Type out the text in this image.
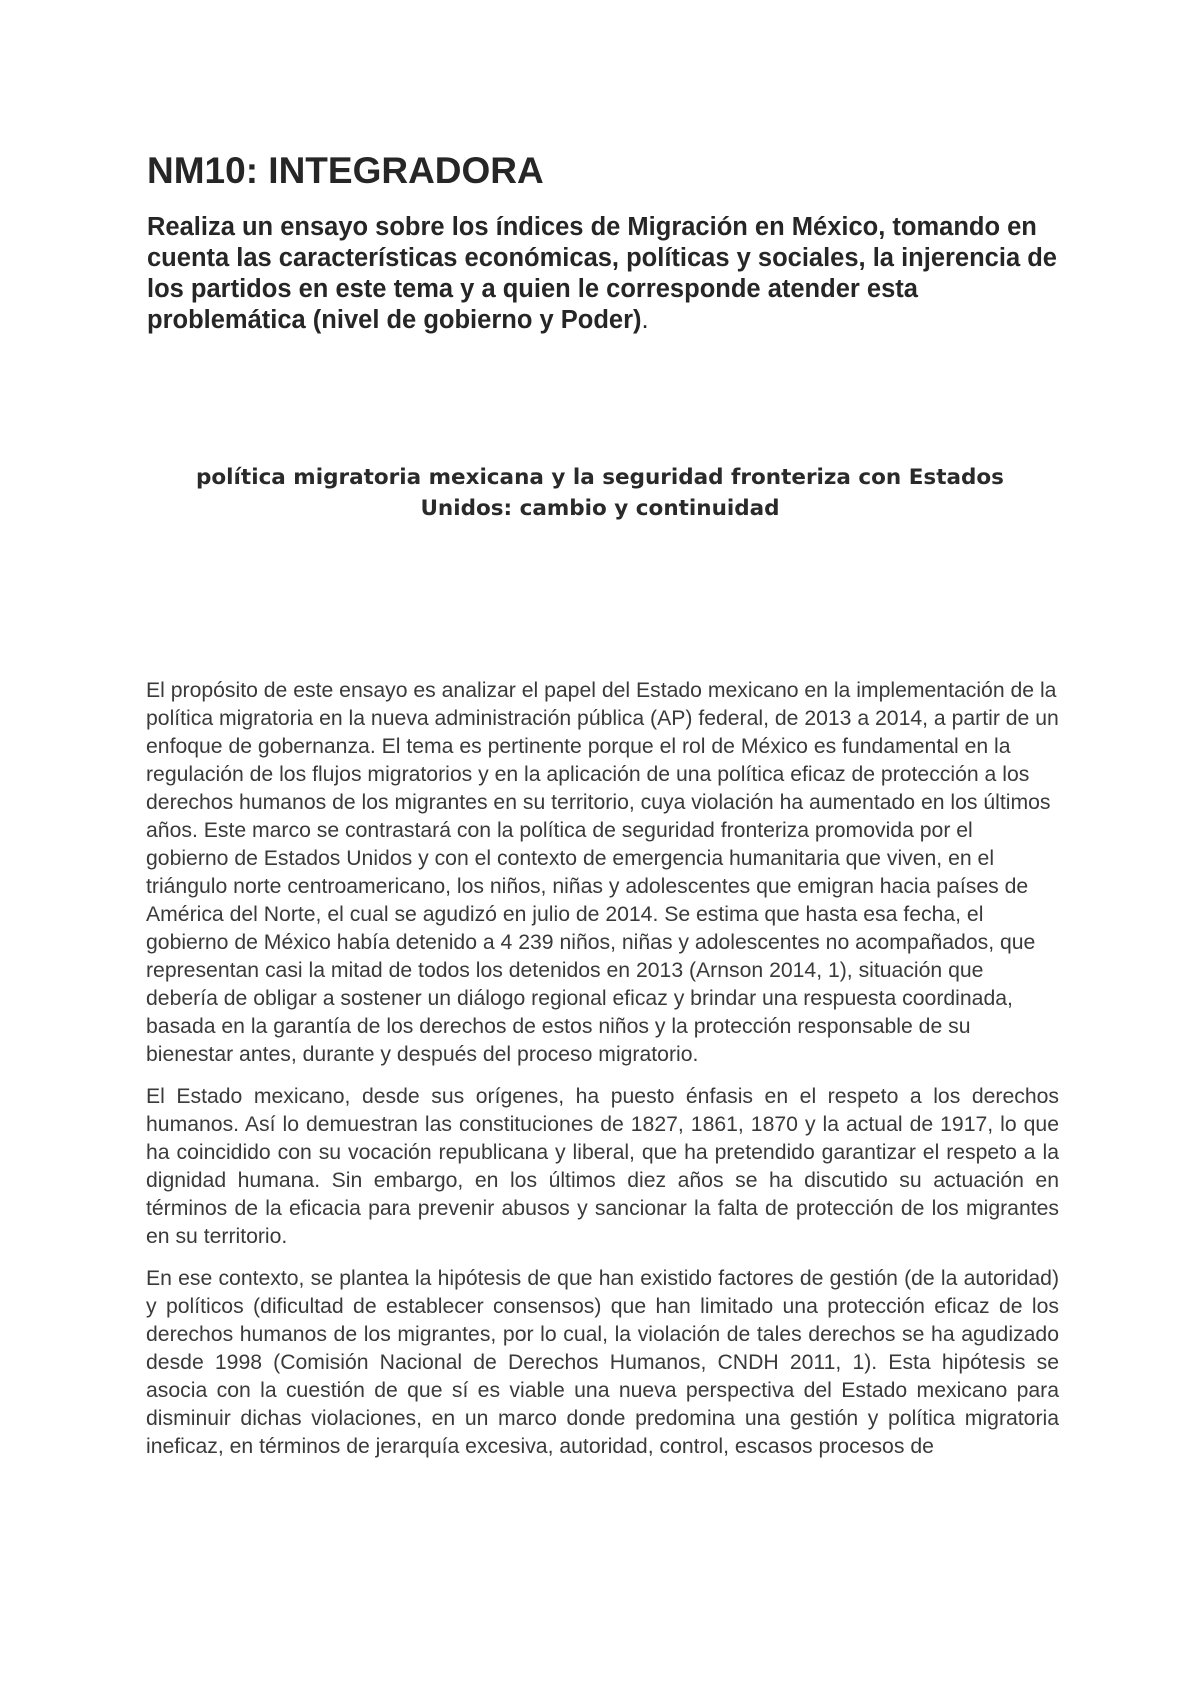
NM10: INTEGRADORA

Realiza un ensayo sobre los índices de Migración en México, tomando en cuenta las características económicas, políticas y sociales, la injerencia de los partidos en este tema y a quien le corresponde atender esta problemática (nivel de gobierno y Poder).

política migratoria mexicana y la seguridad fronteriza con Estados Unidos: cambio y continuidad

El propósito de este ensayo es analizar el papel del Estado mexicano en la implementación de la política migratoria en la nueva administración pública (AP) federal, de 2013 a 2014, a partir de un enfoque de gobernanza. El tema es pertinente porque el rol de México es fundamental en la regulación de los flujos migratorios y en la aplicación de una política eficaz de protección a los derechos humanos de los migrantes en su territorio, cuya violación ha aumentado en los últimos años. Este marco se contrastará con la política de seguridad fronteriza promovida por el gobierno de Estados Unidos y con el contexto de emergencia humanitaria que viven, en el triángulo norte centroamericano, los niños, niñas y adolescentes que emigran hacia países de América del Norte, el cual se agudizó en julio de 2014. Se estima que hasta esa fecha, el gobierno de México había detenido a 4 239 niños, niñas y adolescentes no acompañados, que representan casi la mitad de todos los detenidos en 2013 (Arnson 2014, 1), situación que debería de obligar a sostener un diálogo regional eficaz y brindar una respuesta coordinada, basada en la garantía de los derechos de estos niños y la protección responsable de su bienestar antes, durante y después del proceso migratorio.

El Estado mexicano, desde sus orígenes, ha puesto énfasis en el respeto a los derechos humanos. Así lo demuestran las constituciones de 1827, 1861, 1870 y la actual de 1917, lo que ha coincidido con su vocación republicana y liberal, que ha pretendido garantizar el respeto a la dignidad humana. Sin embargo, en los últimos diez años se ha discutido su actuación en términos de la eficacia para prevenir abusos y sancionar la falta de protección de los migrantes en su territorio.

En ese contexto, se plantea la hipótesis de que han existido factores de gestión (de la autoridad) y políticos (dificultad de establecer consensos) que han limitado una protección eficaz de los derechos humanos de los migrantes, por lo cual, la violación de tales derechos se ha agudizado desde 1998 (Comisión Nacional de Derechos Humanos, CNDH 2011, 1). Esta hipótesis se asocia con la cuestión de que sí es viable una nueva perspectiva del Estado mexicano para disminuir dichas violaciones, en un marco donde predomina una gestión y política migratoria ineficaz, en términos de jerarquía excesiva, autoridad, control, escasos procesos de
